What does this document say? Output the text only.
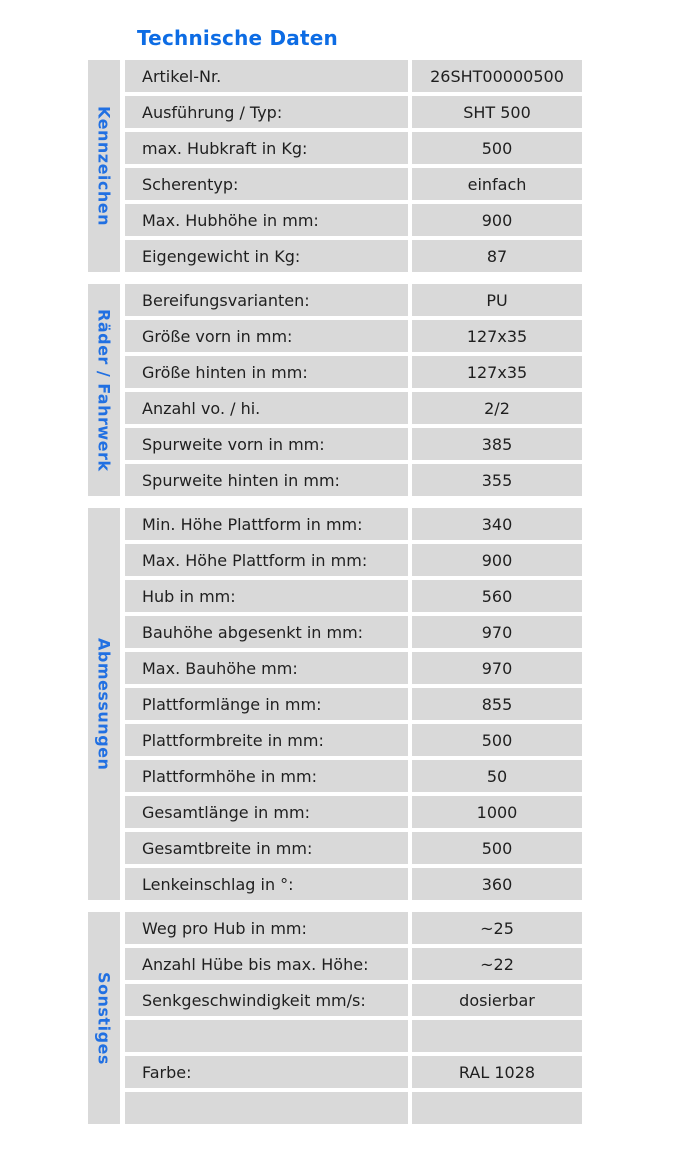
Technische Daten
Kennzeichen
Artikel-Nr.	26SHT00000500
Ausführung / Typ:	SHT 500
max. Hubkraft in Kg:	500
Scherentyp:	einfach
Max. Hubhöhe in mm:	900
Eigengewicht in Kg:	87
Räder / Fahrwerk
Bereifungsvarianten:	PU
Größe vorn in mm:	127x35
Größe hinten in mm:	127x35
Anzahl vo. / hi.	2/2
Spurweite vorn in mm:	385
Spurweite hinten in mm:	355
Abmessungen
Min. Höhe Plattform in mm:	340
Max. Höhe Plattform in mm:	900
Hub in mm:	560
Bauhöhe abgesenkt in mm:	970
Max. Bauhöhe mm:	970
Plattformlänge in mm:	855
Plattformbreite in mm:	500
Plattformhöhe in mm:	50
Gesamtlänge in mm:	1000
Gesamtbreite in mm:	500
Lenkeinschlag in °:	360
Sonstiges
Weg pro Hub in mm:	~25
Anzahl Hübe bis max. Höhe:	~22
Senkgeschwindigkeit mm/s:	dosierbar
Farbe:	RAL 1028
